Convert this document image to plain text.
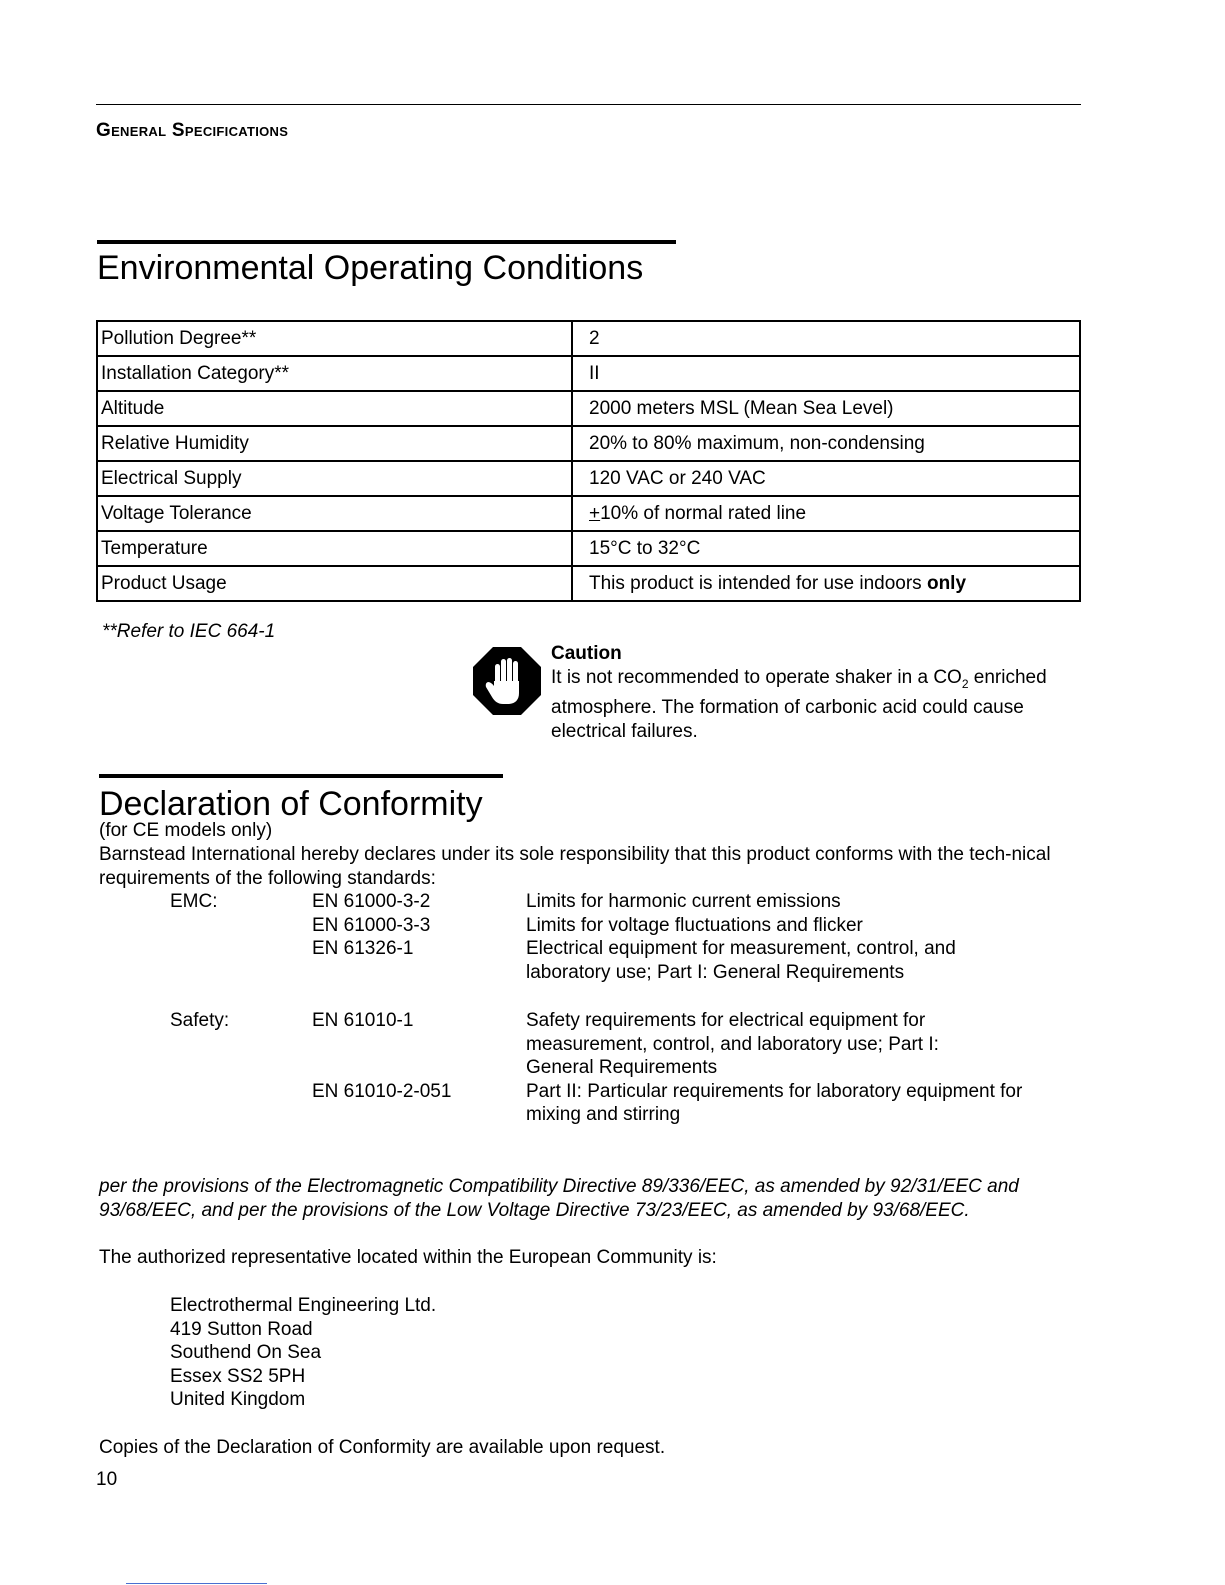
General Specifications
Environmental Operating Conditions
Pollution Degree**	2
Installation Category**	II
Altitude	2000 meters MSL (Mean Sea Level)
Relative Humidity	20% to 80% maximum, non-condensing
Electrical Supply	120 VAC or 240 VAC
Voltage Tolerance	+10% of normal rated line
Temperature	15°C to 32°C
Product Usage	This product is intended for use indoors only
**Refer to IEC 664-1
Caution
It is not recommended to operate shaker in a $CO_2$ enriched atmosphere. The formation of carbonic acid could cause electrical failures.
Declaration of Conformity
(for CE models only)
Barnstead International hereby declares under its sole responsibility that this product conforms with the tech-nical requirements of the following standards:
EMC:	EN 61000-3-2	Limits for harmonic current emissions
EN 61000-3-3	Limits for voltage fluctuations and flicker
EN 61326-1	Electrical equipment for measurement, control, and laboratory use; Part I: General Requirements
Safety:	EN 61010-1	Safety requirements for electrical equipment for measurement, control, and laboratory use; Part I: General Requirements
EN 61010-2-051	Part II: Particular requirements for laboratory equipment for mixing and stirring
per the provisions of the Electromagnetic Compatibility Directive 89/336/EEC, as amended by 92/31/EEC and 93/68/EEC, and per the provisions of the Low Voltage Directive 73/23/EEC, as amended by 93/68/EEC.
The authorized representative located within the European Community is:
Electrothermal Engineering Ltd.
419 Sutton Road
Southend On Sea
Essex SS2 5PH
United Kingdom
Copies of the Declaration of Conformity are available upon request.
10
